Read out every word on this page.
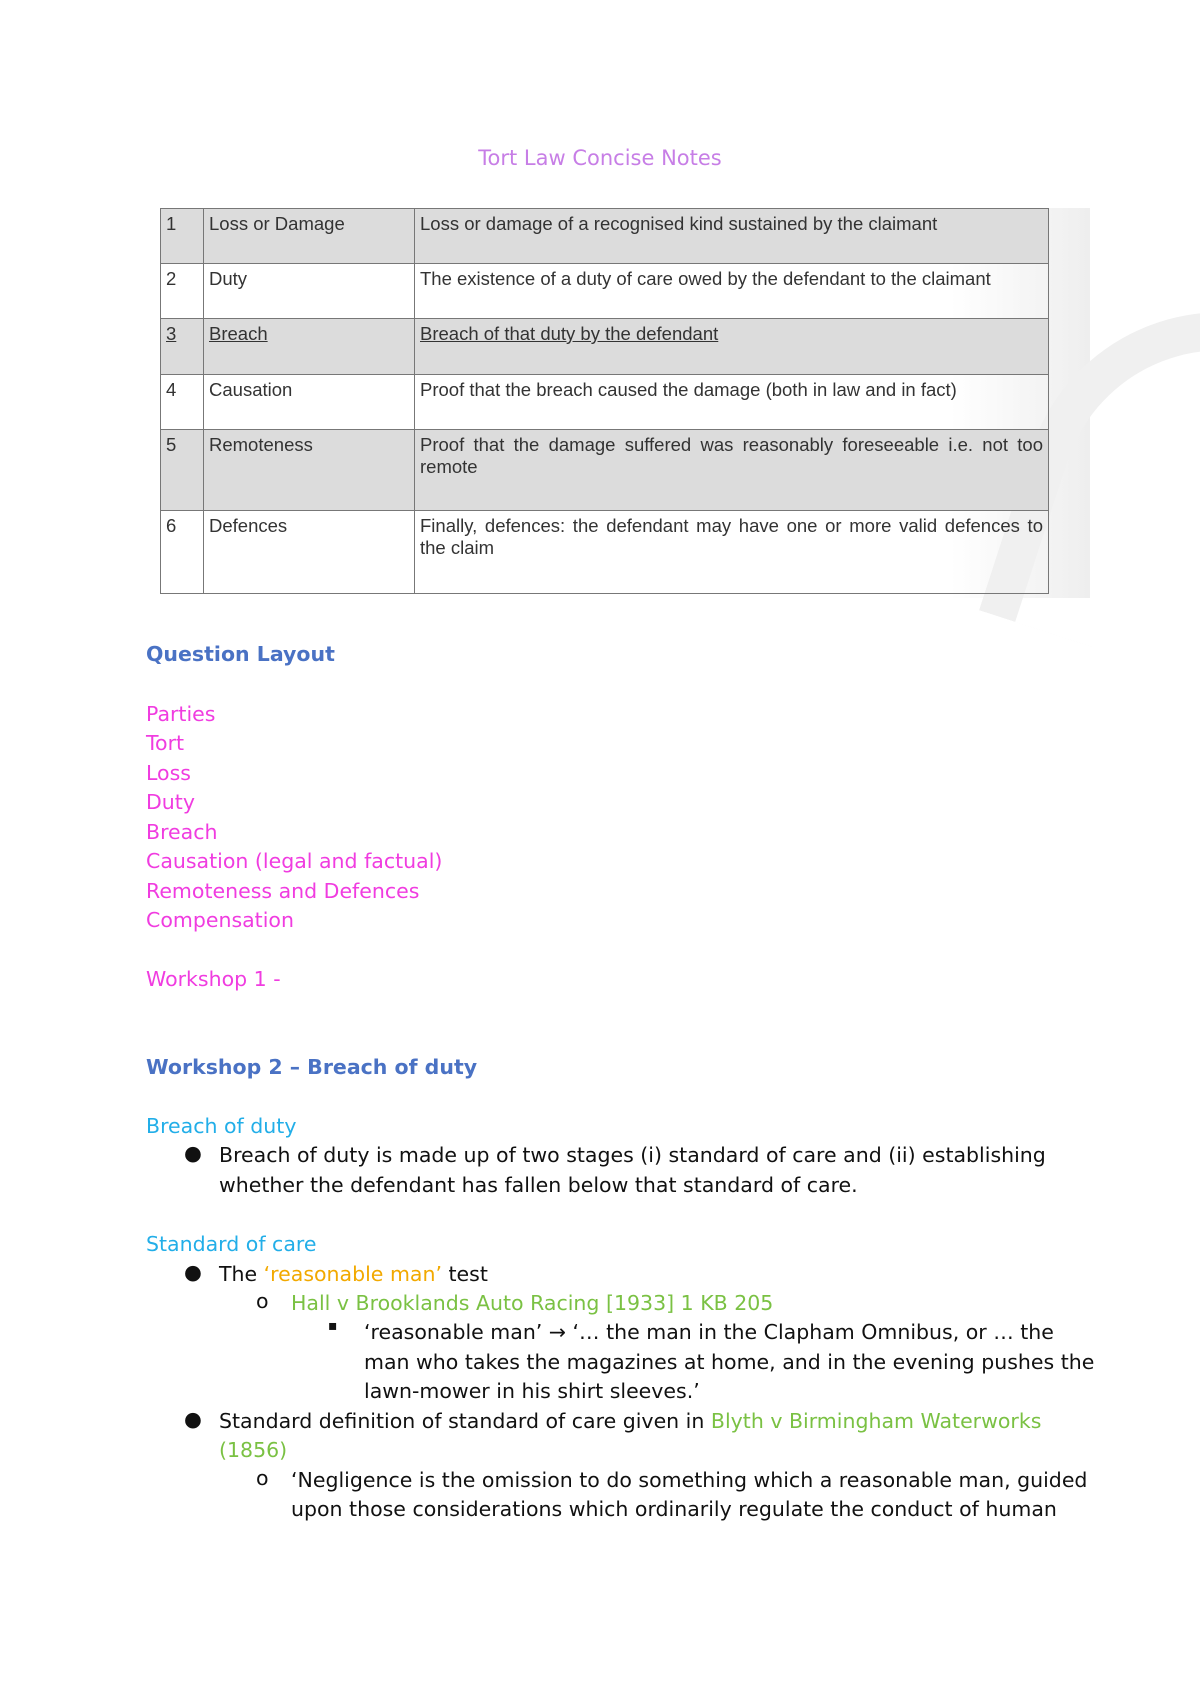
Tort Law Concise Notes
1	Loss or Damage	Loss or damage of a recognised kind sustained by the claimant
2	Duty	The existence of a duty of care owed by the defendant to the claimant
3	Breach	Breach of that duty by the defendant
4	Causation	Proof that the breach caused the damage (both in law and in fact)
5	Remoteness	Proof that the damage suffered was reasonably foreseeable i.e. not too remote
6	Defences	Finally, defences: the defendant may have one or more valid defences to the claim
Question Layout
Parties
Tort
Loss
Duty
Breach
Causation (legal and factual)
Remoteness and Defences
Compensation
Workshop 1 -
Workshop 2 – Breach of duty
Breach of duty
● Breach of duty is made up of two stages (i) standard of care and (ii) establishing
whether the defendant has fallen below that standard of care.
Standard of care
● The ‘reasonable man’ test
o Hall v Brooklands Auto Racing [1933] 1 KB 205
▪ ‘reasonable man’ → ‘… the man in the Clapham Omnibus, or … the
man who takes the magazines at home, and in the evening pushes the
lawn-mower in his shirt sleeves.’
● Standard definition of standard of care given in Blyth v Birmingham Waterworks
(1856)
o ‘Negligence is the omission to do something which a reasonable man, guided
upon those considerations which ordinarily regulate the conduct of human
